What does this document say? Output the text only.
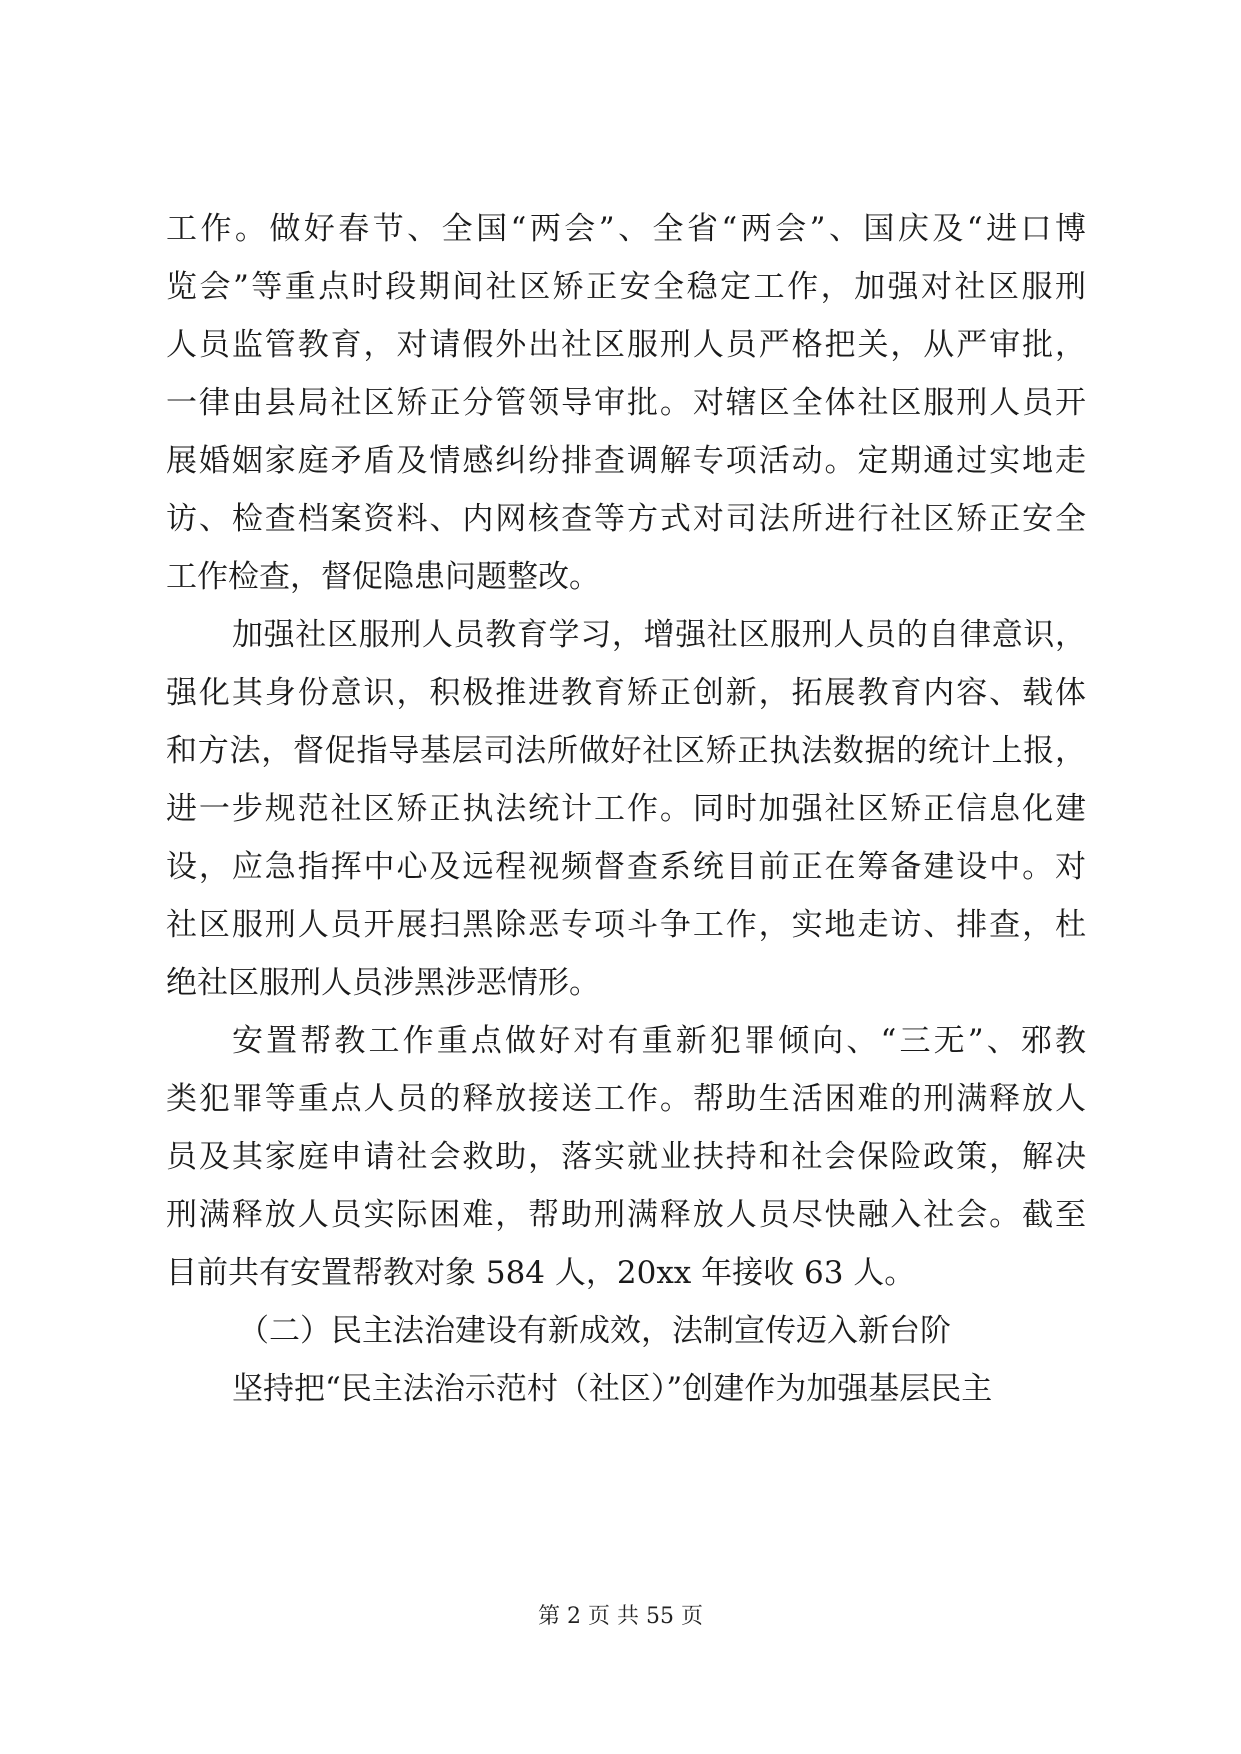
工作。做好春节、全国“两会”、全省“两会”、国庆及“进口博
览会”等重点时段期间社区矫正安全稳定工作，加强对社区服刑
人员监管教育，对请假外出社区服刑人员严格把关，从严审批，
一律由县局社区矫正分管领导审批。对辖区全体社区服刑人员开
展婚姻家庭矛盾及情感纠纷排查调解专项活动。定期通过实地走
访、检查档案资料、内网核查等方式对司法所进行社区矫正安全
工作检查，督促隐患问题整改。
加强社区服刑人员教育学习，增强社区服刑人员的自律意识，
强化其身份意识，积极推进教育矫正创新，拓展教育内容、载体
和方法，督促指导基层司法所做好社区矫正执法数据的统计上报，
进一步规范社区矫正执法统计工作。同时加强社区矫正信息化建
设，应急指挥中心及远程视频督查系统目前正在筹备建设中。对
社区服刑人员开展扫黑除恶专项斗争工作，实地走访、排查，杜
绝社区服刑人员涉黑涉恶情形。
安置帮教工作重点做好对有重新犯罪倾向、“三无”、邪教
类犯罪等重点人员的释放接送工作。帮助生活困难的刑满释放人
员及其家庭申请社会救助，落实就业扶持和社会保险政策，解决
刑满释放人员实际困难，帮助刑满释放人员尽快融入社会。截至
目前共有安置帮教对象 584 人，20xx 年接收 63 人。
（二）民主法治建设有新成效，法制宣传迈入新台阶
坚持把“民主法治示范村（社区）”创建作为加强基层民主
第 2 页 共 55 页
